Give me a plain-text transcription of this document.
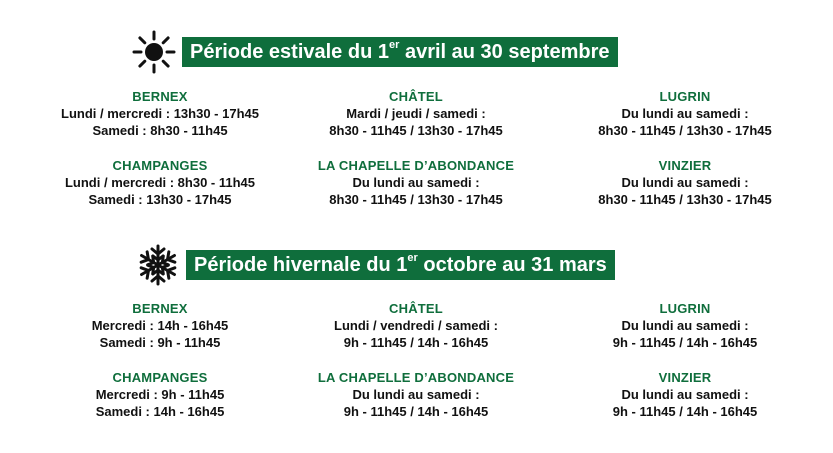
Période estivale du 1er avril au 30 septembre
BERNEX
Lundi / mercredi : 13h30 - 17h45
Samedi : 8h30 - 11h45
CHAMPANGES
Lundi / mercredi : 8h30 - 11h45
Samedi : 13h30 - 17h45
CHÂTEL
Mardi / jeudi / samedi :
8h30 - 11h45 / 13h30 - 17h45
LA CHAPELLE D’ABONDANCE
Du lundi au samedi :
8h30 - 11h45 / 13h30 - 17h45
LUGRIN
Du lundi au samedi :
8h30 - 11h45 / 13h30 - 17h45
VINZIER
Du lundi au samedi :
8h30 - 11h45 / 13h30 - 17h45
Période hivernale du 1er octobre au 31 mars
BERNEX
Mercredi : 14h - 16h45
Samedi : 9h - 11h45
CHAMPANGES
Mercredi : 9h - 11h45
Samedi : 14h - 16h45
CHÂTEL
Lundi / vendredi / samedi :
9h - 11h45 / 14h - 16h45
LA CHAPELLE D’ABONDANCE
Du lundi au samedi :
9h - 11h45 / 14h - 16h45
LUGRIN
Du lundi au samedi :
9h - 11h45 / 14h - 16h45
VINZIER
Du lundi au samedi :
9h - 11h45 / 14h - 16h45
